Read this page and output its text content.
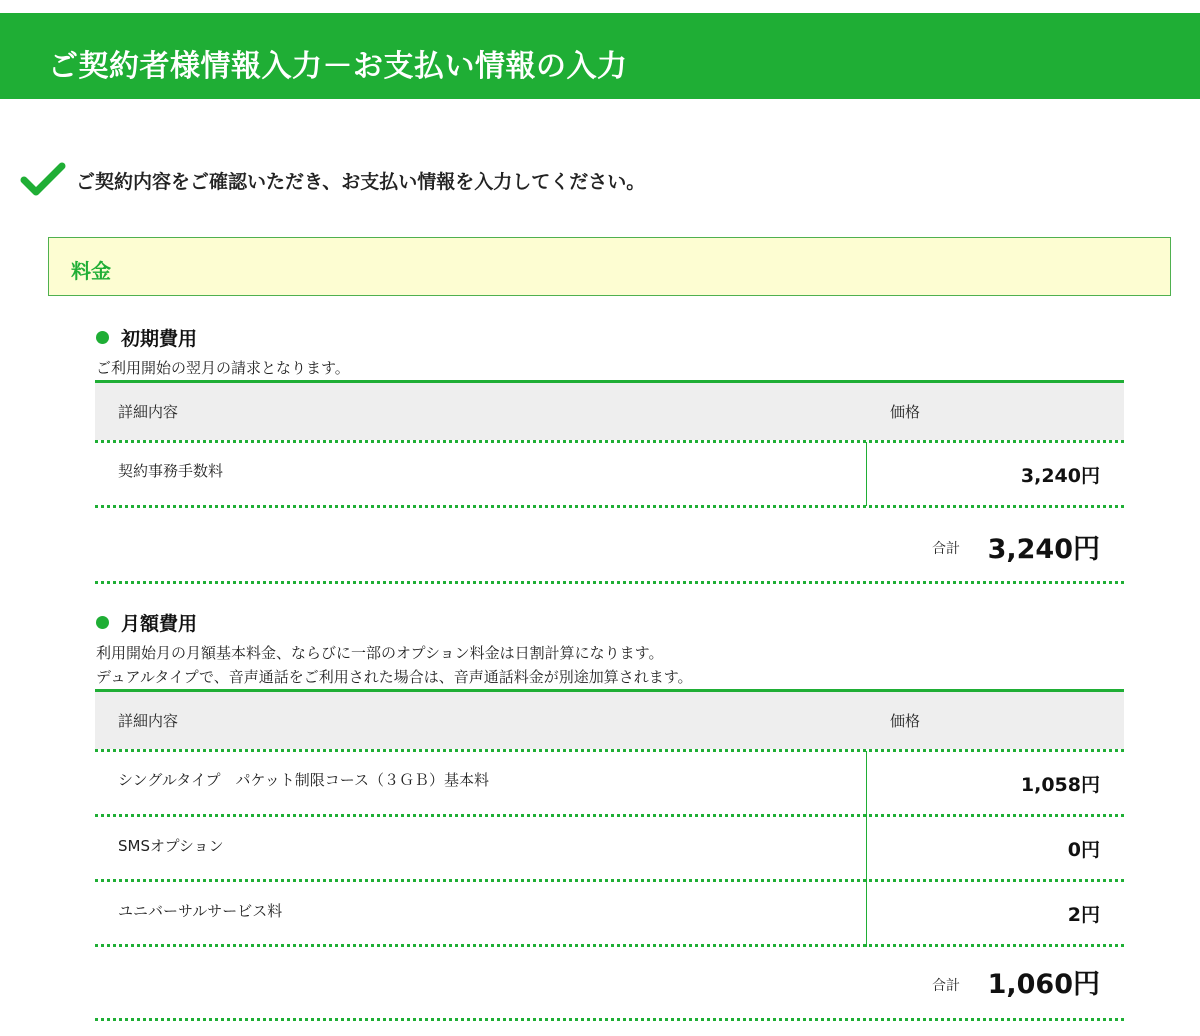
ご契約者様情報入力－お支払い情報の入力
ご契約内容をご確認いただき、お支払い情報を入力してください。
料金
初期費用
ご利用開始の翌月の請求となります。
詳細内容	価格
契約事務手数料	3,240円
合計 3,240円
月額費用
利用開始月の月額基本料金、ならびに一部のオプション料金は日割計算になります。
デュアルタイプで、音声通話をご利用された場合は、音声通話料金が別途加算されます。
詳細内容	価格
シングルタイプ　パケット制限コース（３ＧＢ）基本料	1,058円
SMSオプション	0円
ユニバーサルサービス料	2円
合計 1,060円
